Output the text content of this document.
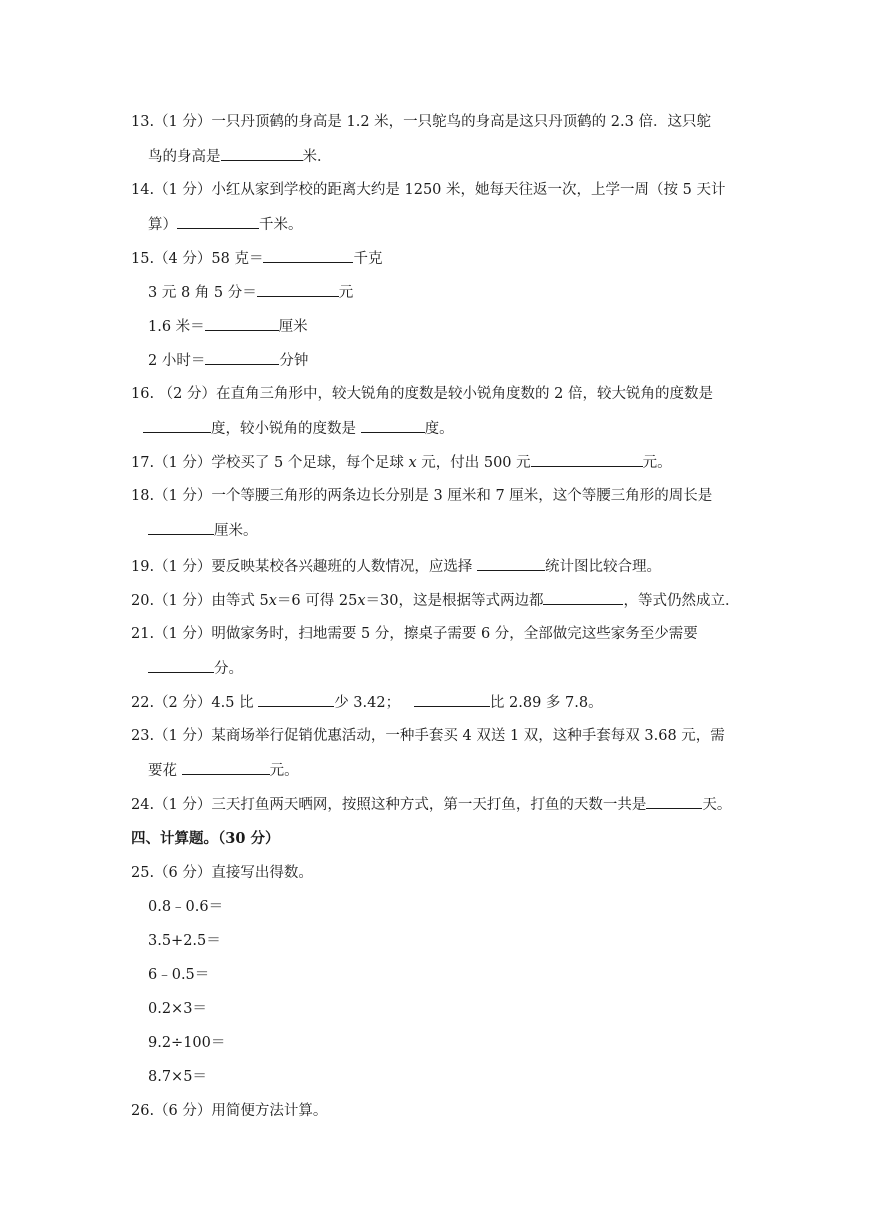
13.（1 分）一只丹顶鹤的身高是 1.2 米，一只鸵鸟的身高是这只丹顶鹤的 2.3 倍．这只鸵
鸟的身高是	米．
14.（1 分）小红从家到学校的距离大约是 1250 米，她每天往返一次，上学一周（按 5 天计
算）	千米。
15.（4 分）58 克＝	千克
3 元 8 角 5 分＝	元
1.6 米＝	厘米
2 小时＝	分钟
16. （2 分）在直角三角形中，较大锐角的度数是较小锐角度数的 2 倍，较大锐角的度数是
度，较小锐角的度数是	度。
17.（1 分）学校买了 5 个足球，每个足球 x 元，付出 500 元	元。
18.（1 分）一个等腰三角形的两条边长分别是 3 厘米和 7 厘米，这个等腰三角形的周长是
厘米。
19.（1 分）要反映某校各兴趣班的人数情况，应选择	统计图比较合理。
20.（1 分）由等式 5x＝6 可得 25x＝30，这是根据等式两边都	，等式仍然成立．
21.（1 分）明做家务时，扫地需要 5 分，擦桌子需要 6 分，全部做完这些家务至少需要
分。
22.（2 分）4.5 比	少 3.42；	比 2.89 多 7.8。
23.（1 分）某商场举行促销优惠活动，一种手套买 4 双送 1 双，这种手套每双 3.68 元，需
要花	元。
24.（1 分）三天打鱼两天晒网，按照这种方式，第一天打鱼，打鱼的天数一共是	天。
四、计算题。（30 分）
25.（6 分）直接写出得数。
0.8﹣0.6＝
3.5+2.5＝
6﹣0.5＝
0.2×3＝
9.2÷100＝
8.7×5＝
26.（6 分）用简便方法计算。
